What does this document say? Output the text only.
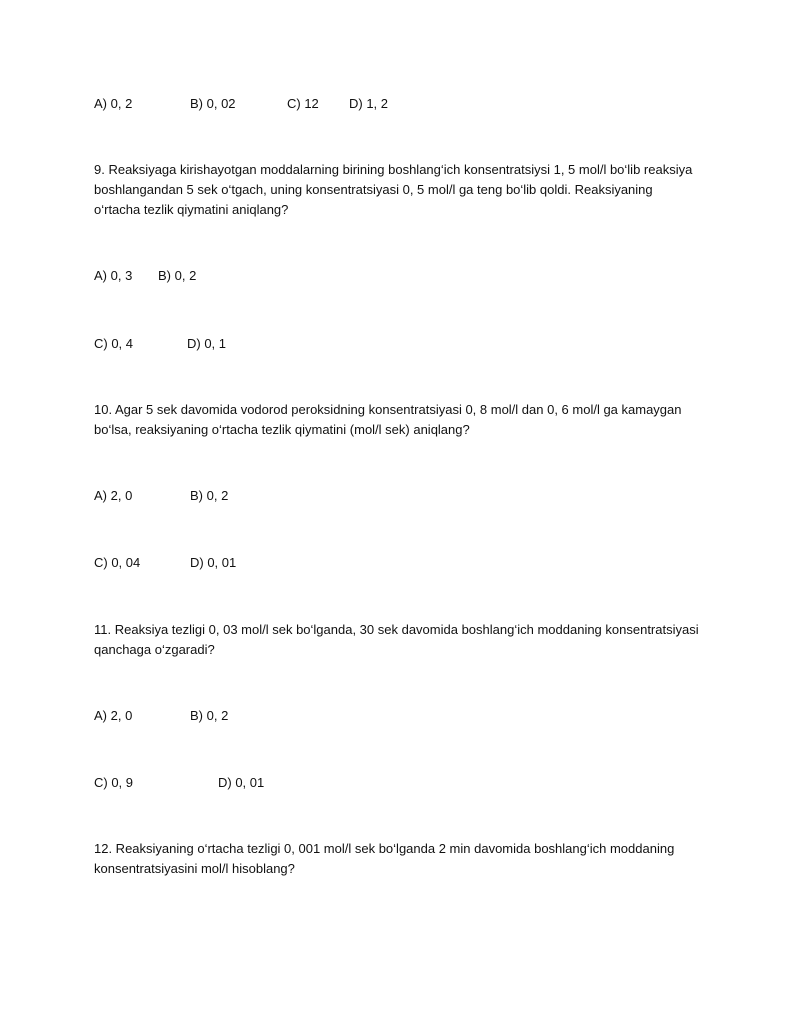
A) 0, 2	B) 0, 02	C) 12 D) 1, 2
9. Reaksiyaga kirishayotgan moddalarning birining boshlang‘ich konsentratsiysi 1, 5 mol/l bo‘lib reaksiya
boshlangandan 5 sek o‘tgach, uning konsentratsiyasi 0, 5 mol/l ga teng bo‘lib qoldi. Reaksiyaning
o‘rtacha tezlik qiymatini aniqlang?
A) 0, 3 B) 0, 2
C) 0, 4	D) 0, 1
10. Agar 5 sek davomida vodorod peroksidning konsentratsiyasi 0, 8 mol/l dan 0, 6 mol/l ga kamaygan
bo‘lsa, reaksiyaning o‘rtacha tezlik qiymatini (mol/l sek) aniqlang?
A) 2, 0	B) 0, 2
C) 0, 04	D) 0, 01
11. Reaksiya tezligi 0, 03 mol/l sek bo‘lganda, 30 sek davomida boshlang‘ich moddaning konsentratsiyasi
qanchaga o‘zgaradi?
A) 2, 0	B) 0, 2
C) 0, 9	D) 0, 01
12. Reaksiyaning o‘rtacha tezligi 0, 001 mol/l sek bo‘lganda 2 min davomida boshlang‘ich moddaning
konsentratsiyasini mol/l hisoblang?
